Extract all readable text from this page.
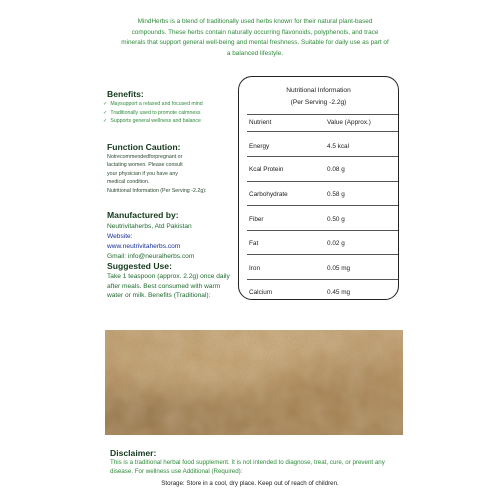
MindHerbs is a blend of traditionally used herbs known for their natural plant-based compounds. These herbs contain naturally occurring flavonoids, polyphenols, and trace minerals that support general well-being and mental freshness. Suitable for daily use as part of a balanced lifestyle.
Benefits:
✓ Maysupport a relaxed and focused mind
✓ Traditionally used to promote calmness
✓ Supports general wellness and balance
Function Caution:
Notrecommendedforpregnant or
lactating women. Please consult
your physician if you have any
medical condition.
Nutritional Information (Per Serving -2.2g):
Manufactured by:
Neutrivitaherbs, Atd Pakistan
Website:
www.neutrivitaherbs.com
Gmail: info@neuralherbs.com
Suggested Use:
Take 1 teaspoon (approx. 2.2g) once daily after meals. Best consumed with warm water or milk. Benefits (Traditional):
Nutritional Information
(Per Serving -2.2g)
Nutrient	Value (Approx.)
Energy	4.5 kcal
Kcal Protein	0.08 g
Carbohydrate	0.58 g
Fiber	0.50 g
Fat	0.02 g
Iron	0.05 mg
Calcium	0.45 mg
Disclaimer:
This is a traditional herbal food supplement. It is not intended to diagnose, treat, cure, or prevent any disease. For wellness use Additional (Required):
Storage: Store in a cool, dry place. Keep out of reach of children.
